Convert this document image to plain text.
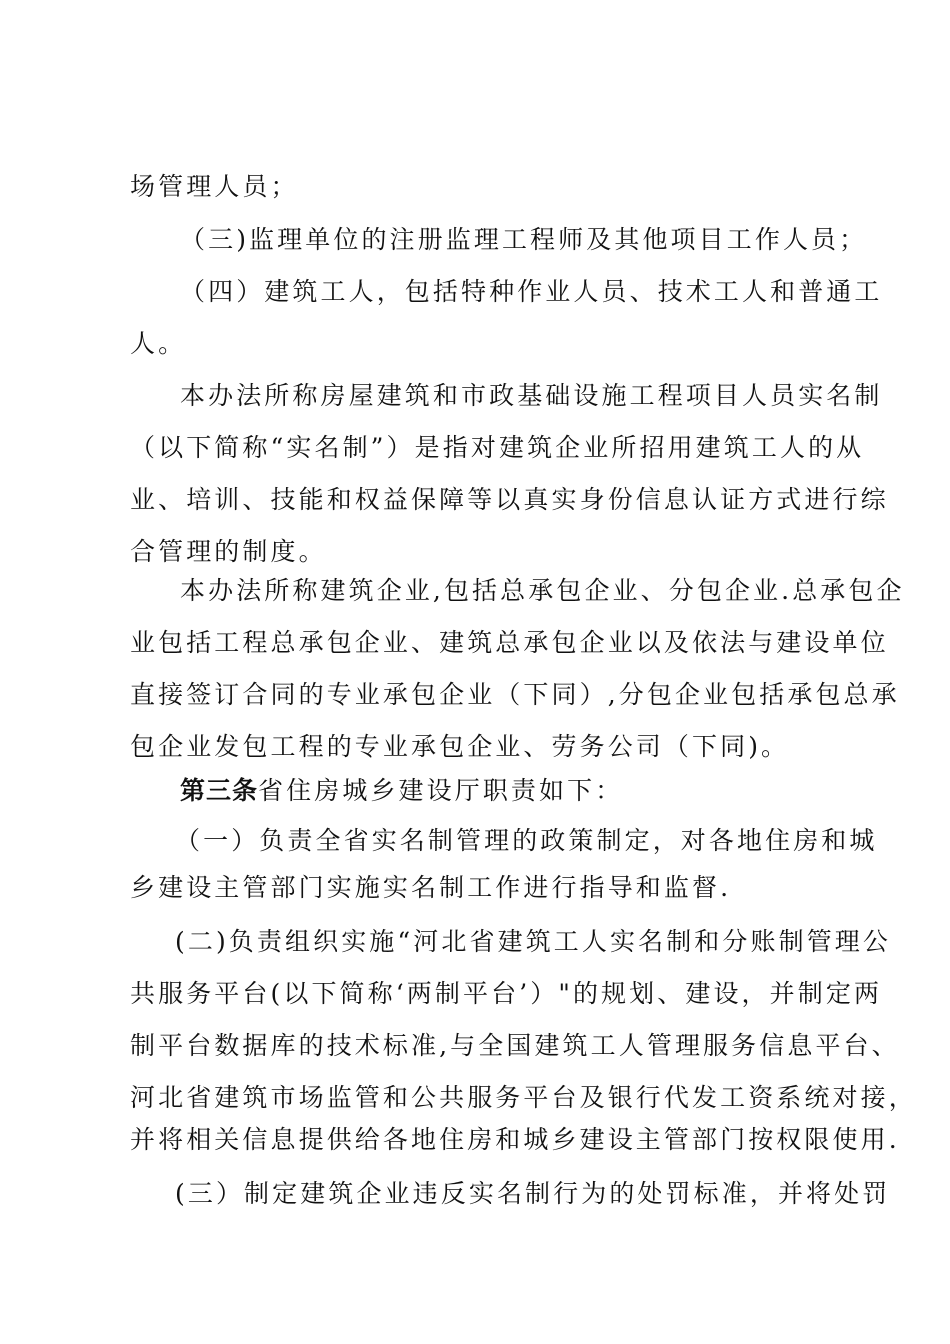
场管理人员；
（三)监理单位的注册监理工程师及其他项目工作人员；
（四）建筑工人，包括特种作业人员、技术工人和普通工
人。
本办法所称房屋建筑和市政基础设施工程项目人员实名制
（以下简称“实名制”）是指对建筑企业所招用建筑工人的从
业、培训、技能和权益保障等以真实身份信息认证方式进行综
合管理的制度。
本办法所称建筑企业,包括总承包企业、分包企业.总承包企
业包括工程总承包企业、建筑总承包企业以及依法与建设单位
直接签订合同的专业承包企业（下同）,分包企业包括承包总承
包企业发包工程的专业承包企业、劳务公司（下同)。
第三条省住房城乡建设厅职责如下：
（一）负责全省实名制管理的政策制定，对各地住房和城
乡建设主管部门实施实名制工作进行指导和监督.
(二)负责组织实施“河北省建筑工人实名制和分账制管理公
共服务平台(以下简称‘两制平台’）"的规划、建设，并制定两
制平台数据库的技术标准,与全国建筑工人管理服务信息平台、
河北省建筑市场监管和公共服务平台及银行代发工资系统对接，
并将相关信息提供给各地住房和城乡建设主管部门按权限使用.
(三）制定建筑企业违反实名制行为的处罚标准，并将处罚
